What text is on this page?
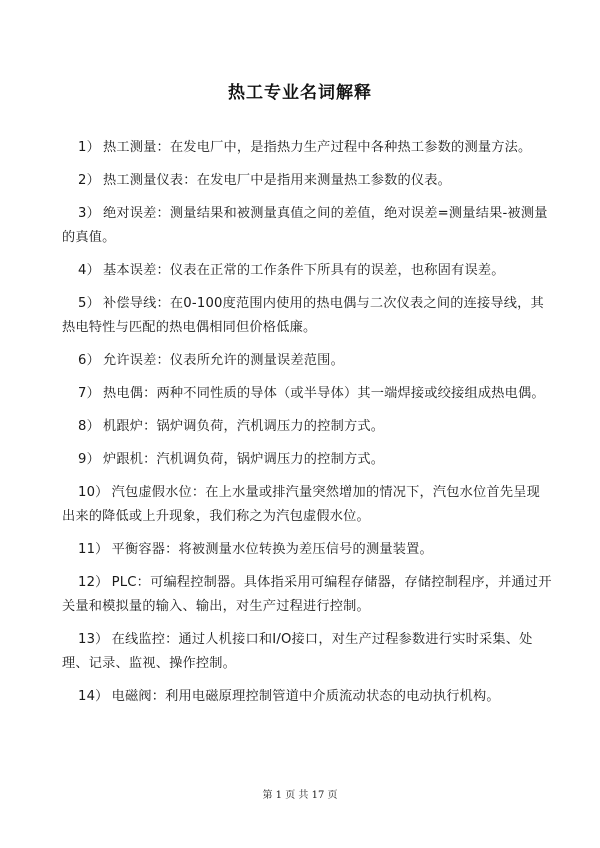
热工专业名词解释

1） 热工测量：在发电厂中，是指热力生产过程中各种热工参数的测量方法。

2） 热工测量仪表：在发电厂中是指用来测量热工参数的仪表。

3） 绝对误差：测量结果和被测量真值之间的差值，绝对误差=测量结果-被测量的真值。

4） 基本误差：仪表在正常的工作条件下所具有的误差，也称固有误差。

5） 补偿导线：在0-100度范围内使用的热电偶与二次仪表之间的连接导线，其热电特性与匹配的热电偶相同但价格低廉。

6） 允许误差：仪表所允许的测量误差范围。

7） 热电偶：两种不同性质的导体（或半导体）其一端焊接或绞接组成热电偶。

8） 机跟炉：锅炉调负荷，汽机调压力的控制方式。

9） 炉跟机：汽机调负荷，锅炉调压力的控制方式。

10） 汽包虚假水位：在上水量或排汽量突然增加的情况下，汽包水位首先呈现出来的降低或上升现象，我们称之为汽包虚假水位。

11） 平衡容器：将被测量水位转换为差压信号的测量装置。

12） PLC：可编程控制器。具体指采用可编程存储器，存储控制程序，并通过开关量和模拟量的输入、输出，对生产过程进行控制。

13） 在线监控：通过人机接口和I/O接口，对生产过程参数进行实时采集、处理、记录、监视、操作控制。

14） 电磁阀：利用电磁原理控制管道中介质流动状态的电动执行机构。

第 1 页 共 17 页
